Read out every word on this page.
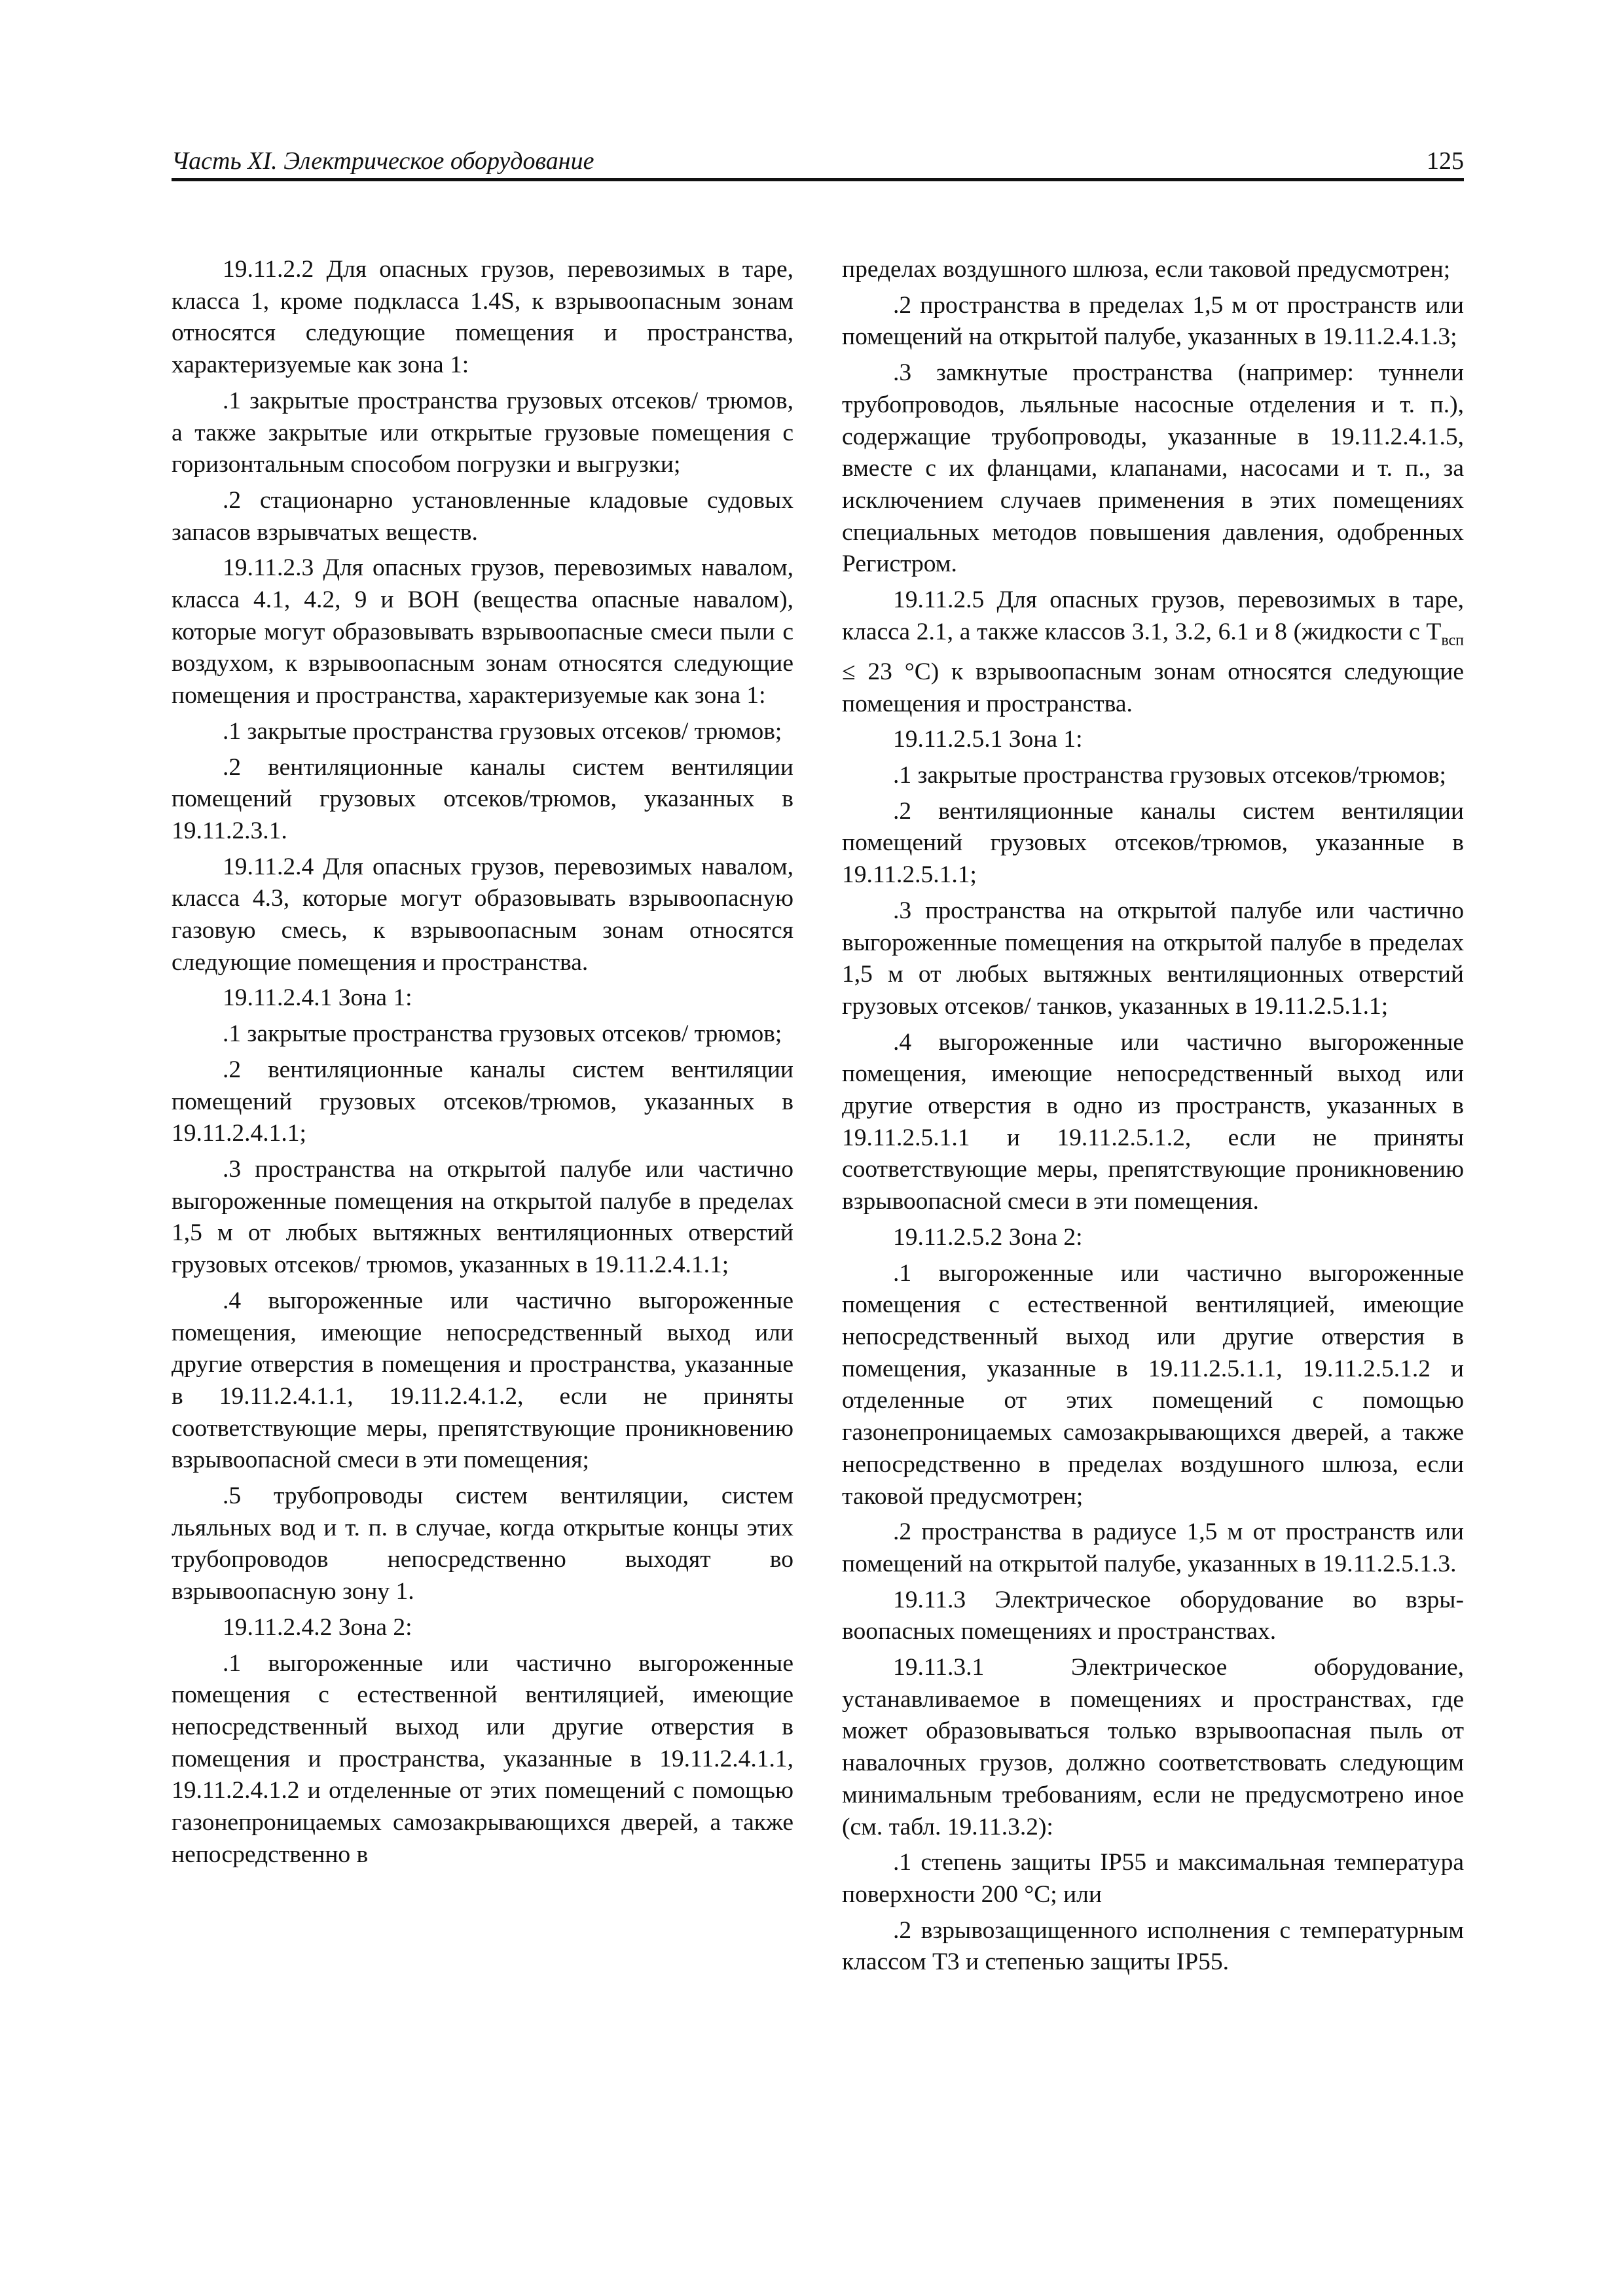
Часть XI. Электрическое оборудование	125

19.11.2.2 Для опасных грузов, перевозимых в таре, класса 1, кроме подкласса 1.4S, к взрывоопасным зонам относятся следующие помещения и пространства, характеризуемые как зона 1:

.1 закрытые пространства грузовых отсеков/ трюмов, а также закрытые или открытые грузовые помещения с горизонтальным способом погрузки и выгрузки;

.2 стационарно установленные кладовые судовых запасов взрывчатых веществ.

19.11.2.3 Для опасных грузов, перевозимых навалом, класса 4.1, 4.2, 9 и ВОН (вещества опасные навалом), которые могут образовывать взрывоопасные смеси пыли с воздухом, к взрывоопасным зонам относятся следующие помещения и пространства, характеризуемые как зона 1:

.1 закрытые пространства грузовых отсеков/ трюмов;

.2 вентиляционные каналы систем вентиляции помещений грузовых отсеков/трюмов, указанных в 19.11.2.3.1.

19.11.2.4 Для опасных грузов, перевозимых навалом, класса 4.3, которые могут образовывать взрывоопасную газовую смесь, к взрывоопасным зонам относятся следующие помещения и пространства.

19.11.2.4.1 Зона 1:

.1 закрытые пространства грузовых отсеков/ трюмов;

.2 вентиляционные каналы систем вентиляции помещений грузовых отсеков/трюмов, указанных в 19.11.2.4.1.1;

.3 пространства на открытой палубе или частично выгороженные помещения на открытой палубе в пределах 1,5 м от любых вытяжных вентиляционных отверстий грузовых отсеков/ трюмов, указанных в 19.11.2.4.1.1;

.4 выгороженные или частично выгороженные помещения, имеющие непосредственный выход или другие отверстия в помещения и пространства, указанные в 19.11.2.4.1.1, 19.11.2.4.1.2, если не приняты соответствующие меры, препятствующие проникновению взрывоопасной смеси в эти помещения;

.5 трубопроводы систем вентиляции, систем льяльных вод и т. п. в случае, когда открытые концы этих трубопроводов непосредственно выходят во взрывоопасную зону 1.

19.11.2.4.2 Зона 2:

.1 выгороженные или частично выгороженные помещения с естественной вентиляцией, имеющие непосредственный выход или другие отверстия в помещения и пространства, указанные в 19.11.2.4.1.1, 19.11.2.4.1.2 и отделенные от этих помещений с помощью газонепроницаемых самозакрывающихся дверей, а также непосредственно в

пределах воздушного шлюза, если таковой предусмотрен;

.2 пространства в пределах 1,5 м от пространств или помещений на открытой палубе, указанных в 19.11.2.4.1.3;

.3 замкнутые пространства (например: туннели трубопроводов, льяльные насосные отделения и т. п.), содержащие трубопроводы, указанные в 19.11.2.4.1.5, вместе с их фланцами, клапанами, насосами и т. п., за исключением случаев применения в этих помещениях специальных методов повышения давления, одобренных Регистром.

19.11.2.5 Для опасных грузов, перевозимых в таре, класса 2.1, а также классов 3.1, 3.2, 6.1 и 8 (жидкости с $T_{всп} \le 23$ °C) к взрывоопасным зонам относятся следующие помещения и пространства.

19.11.2.5.1 Зона 1:

.1 закрытые пространства грузовых отсеков/трюмов;

.2 вентиляционные каналы систем вентиляции помещений грузовых отсеков/трюмов, указанные в 19.11.2.5.1.1;

.3 пространства на открытой палубе или частично выгороженные помещения на открытой палубе в пределах 1,5 м от любых вытяжных вентиляционных отверстий грузовых отсеков/ танков, указанных в 19.11.2.5.1.1;

.4 выгороженные или частично выгороженные помещения, имеющие непосредственный выход или другие отверстия в одно из пространств, указанных в 19.11.2.5.1.1 и 19.11.2.5.1.2, если не приняты соответствующие меры, препятствующие проникновению взрывоопасной смеси в эти помещения.

19.11.2.5.2 Зона 2:

.1 выгороженные или частично выгороженные помещения с естественной вентиляцией, имеющие непосредственный выход или другие отверстия в помещения, указанные в 19.11.2.5.1.1, 19.11.2.5.1.2 и отделенные от этих помещений с помощью газонепроницаемых самозакрывающихся дверей, а также непосредственно в пределах воздушного шлюза, если таковой предусмотрен;

.2 пространства в радиусе 1,5 м от пространств или помещений на открытой палубе, указанных в 19.11.2.5.1.3.

19.11.3 Электрическое оборудование во взрывоопасных помещениях и пространствах.

19.11.3.1 Электрическое оборудование, устанавливаемое в помещениях и пространствах, где может образовываться только взрывоопасная пыль от навалочных грузов, должно соответствовать следующим минимальным требованиям, если не предусмотрено иное (см. табл. 19.11.3.2):

.1 степень защиты IP55 и максимальная температура поверхности 200 °C; или

.2 взрывозащищенного исполнения с температурным классом Т3 и степенью защиты IP55.
